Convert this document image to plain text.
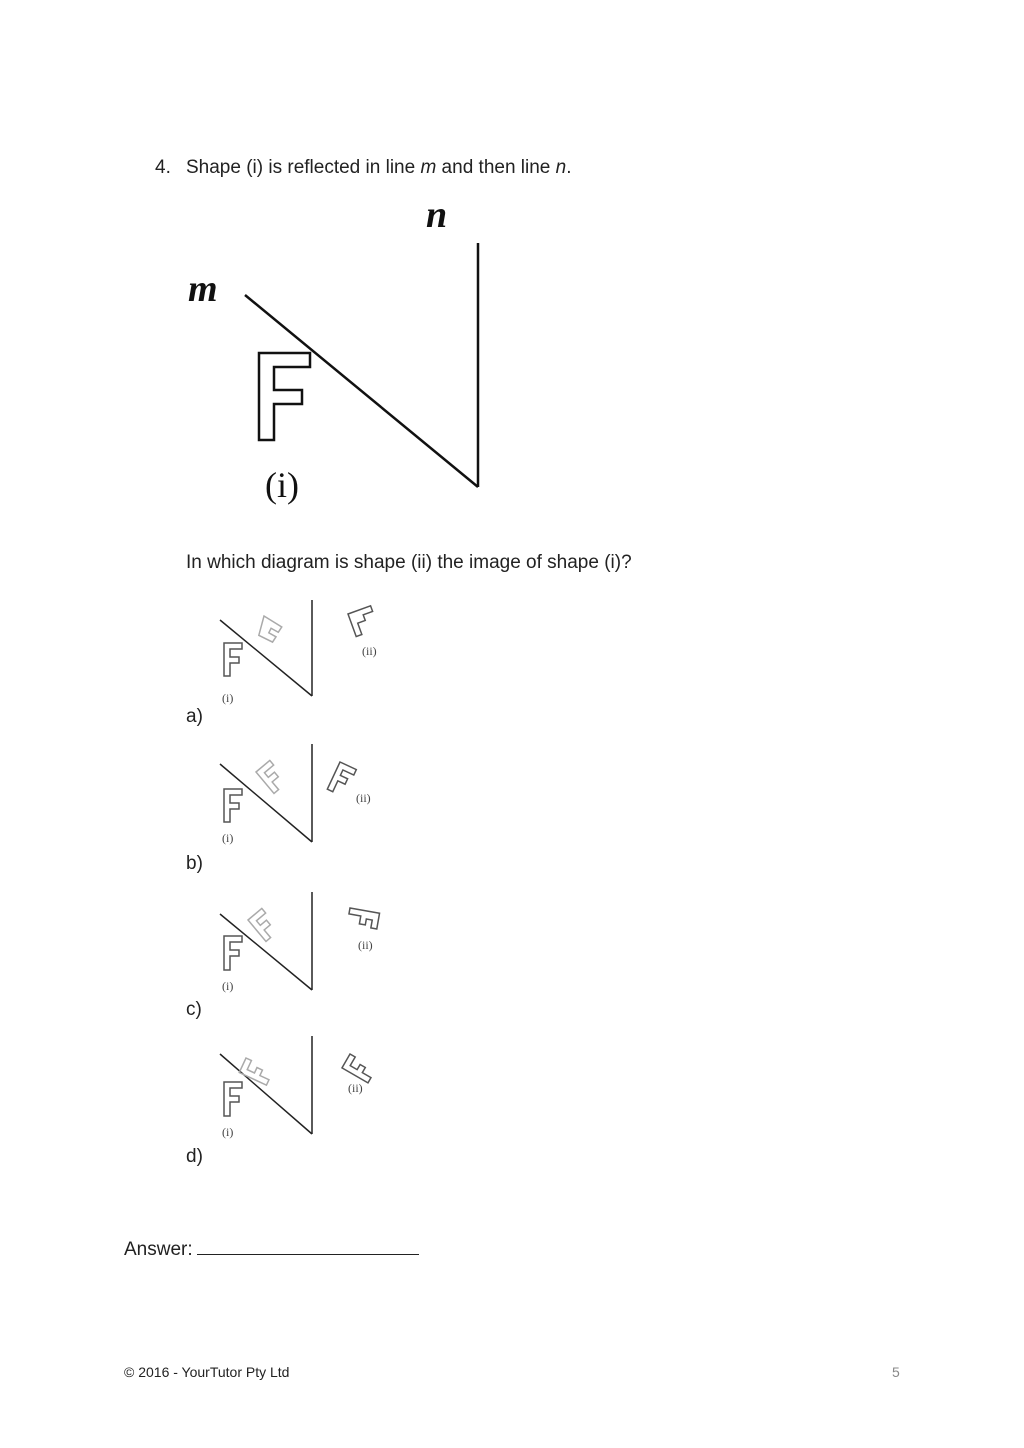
4. Shape (i) is reflected in line m and then line n.
m
n
(i)
In which diagram is shape (ii) the image of shape (i)?
(ii)
(i)
a)
(ii)
(i)
b)
(ii)
(i)
c)
(ii)
(i)
d)
Answer:
© 2016 - YourTutor Pty Ltd	5
